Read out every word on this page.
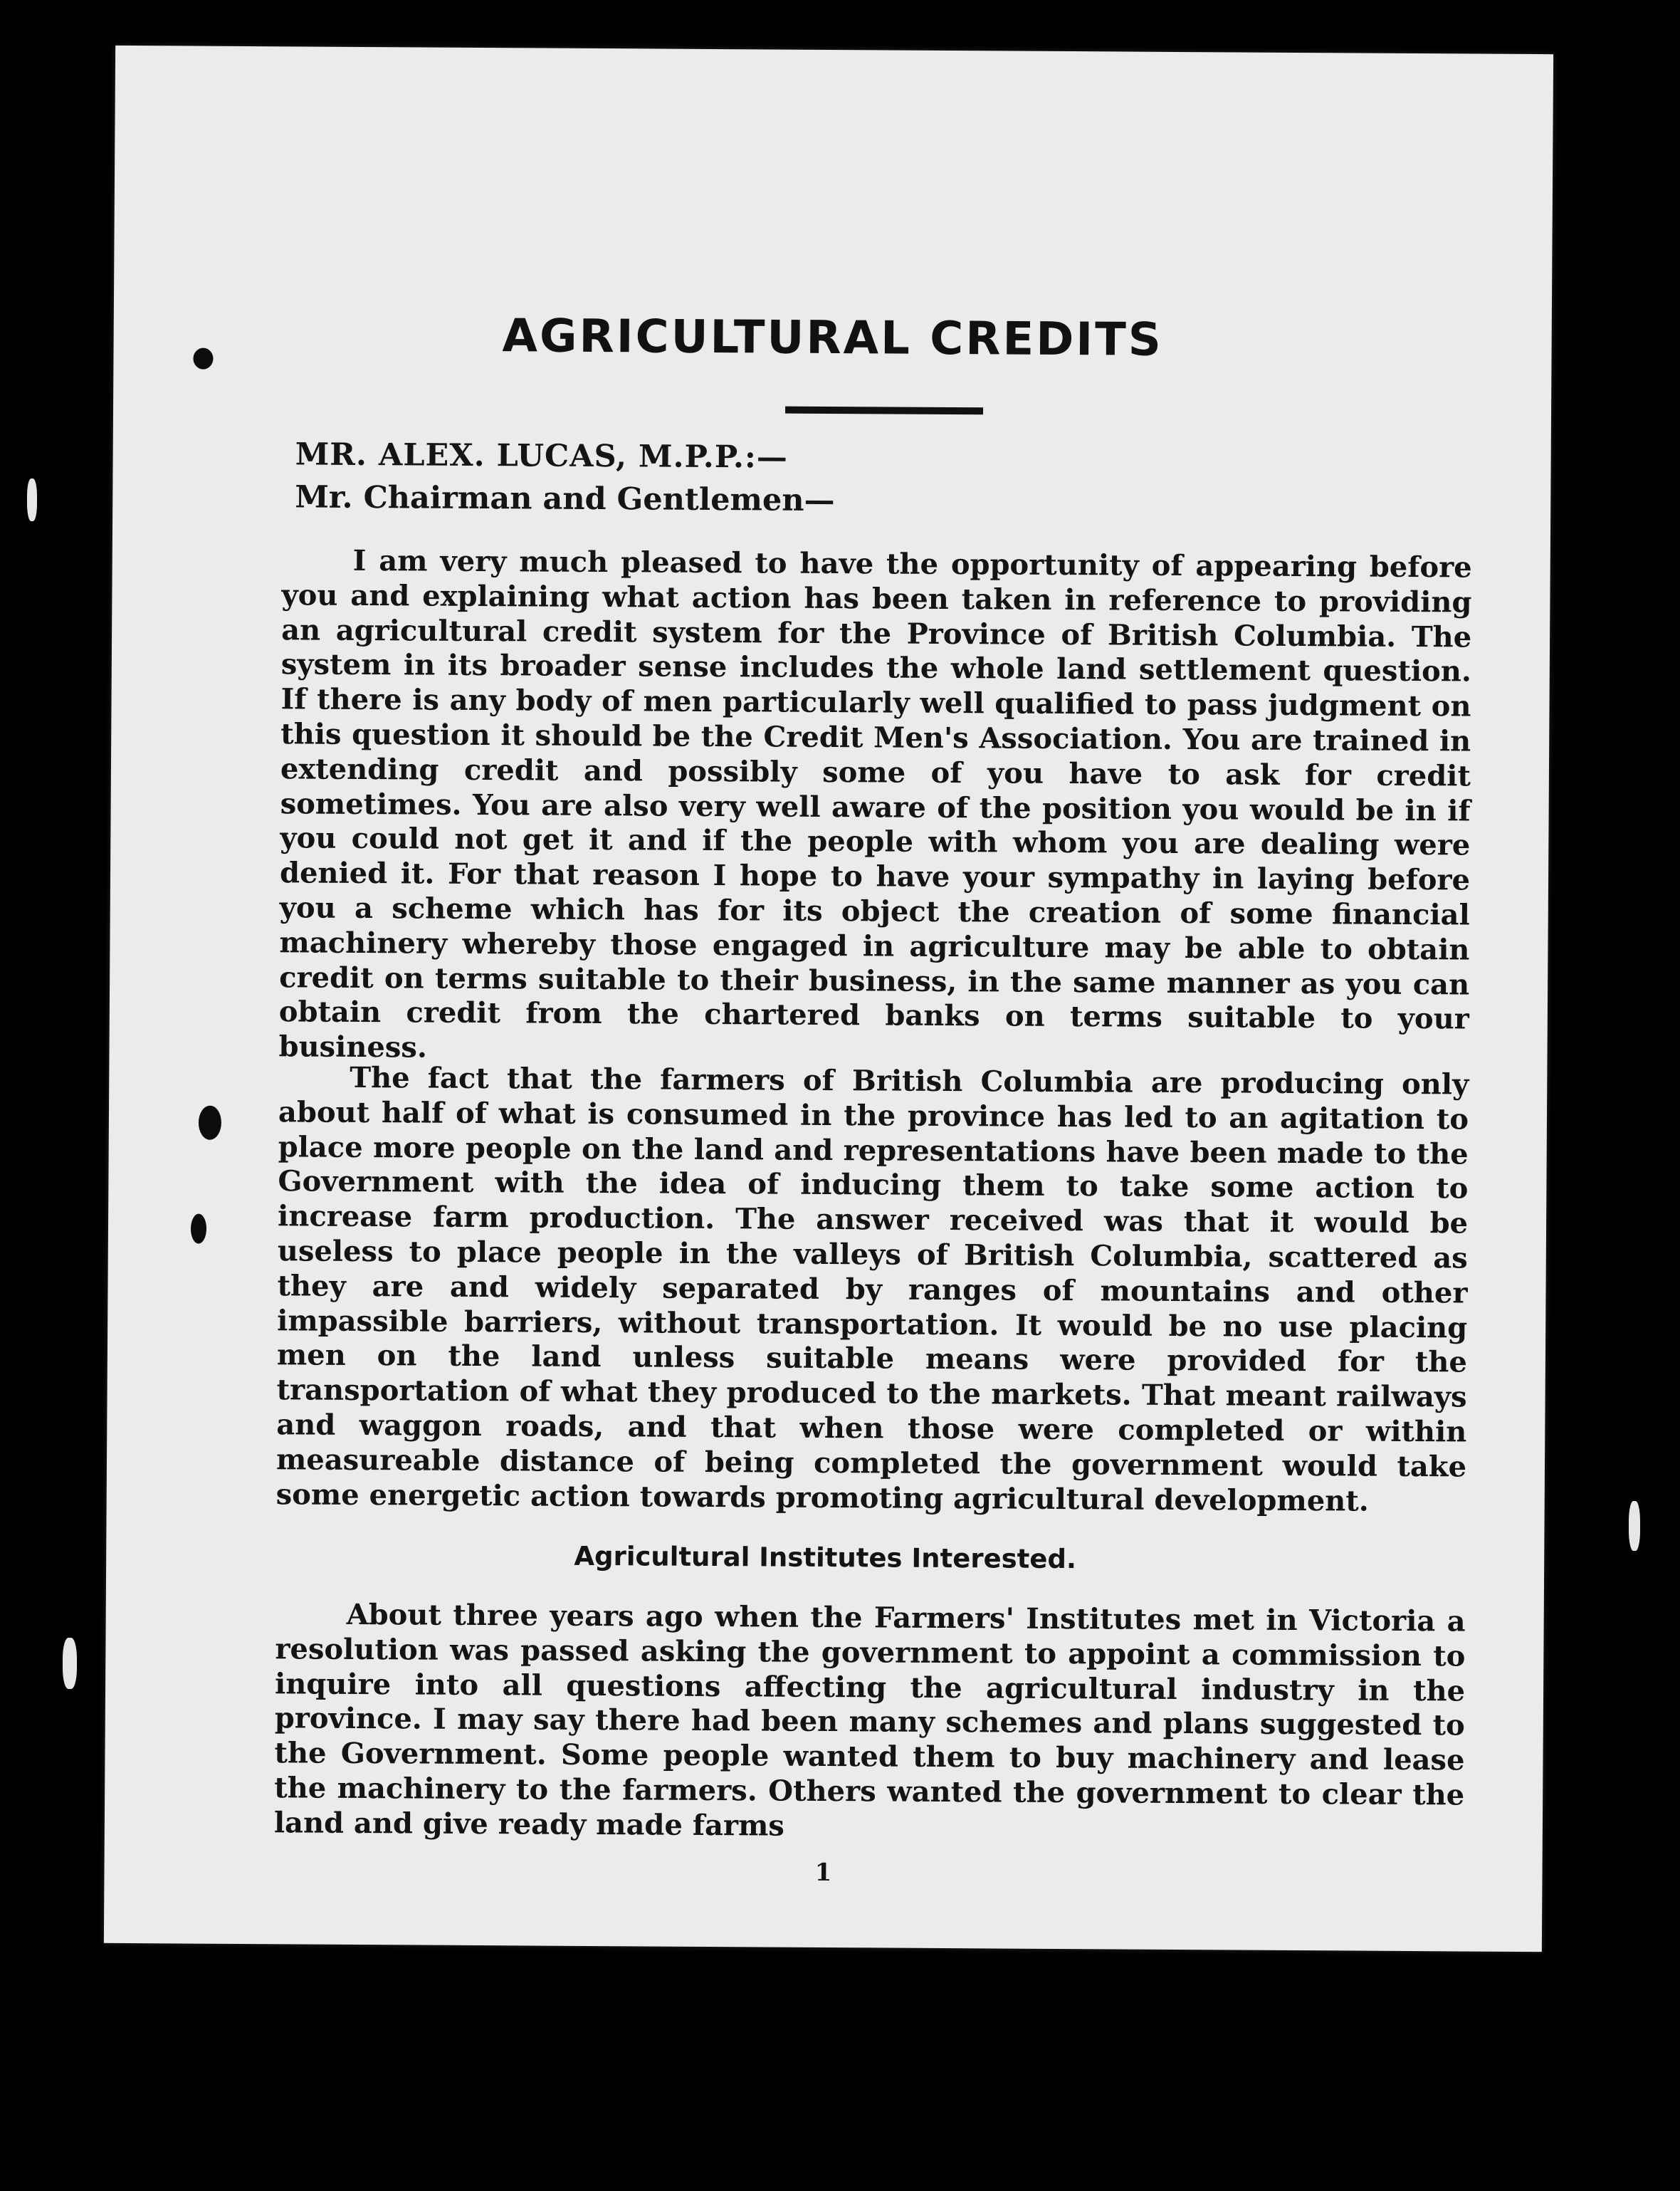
AGRICULTURAL CREDITS

MR. ALEX. LUCAS, M.P.P.:—

Mr. Chairman and Gentlemen—

I am very much pleased to have the opportunity of appearing before you and explaining what action has been taken in reference to providing an agricultural credit system for the Province of British Columbia. The system in its broader sense includes the whole land settlement question. If there is any body of men particularly well qualified to pass judgment on this question it should be the Credit Men's Association. You are trained in extending credit and possibly some of you have to ask for credit sometimes. You are also very well aware of the position you would be in if you could not get it and if the people with whom you are dealing were denied it. For that reason I hope to have your sympathy in laying before you a scheme which has for its object the creation of some financial machinery whereby those engaged in agriculture may be able to obtain credit on terms suitable to their business, in the same manner as you can obtain credit from the chartered banks on terms suitable to your business.

The fact that the farmers of British Columbia are producing only about half of what is consumed in the province has led to an agitation to place more people on the land and representations have been made to the Government with the idea of inducing them to take some action to increase farm production. The answer received was that it would be useless to place people in the valleys of British Columbia, scattered as they are and widely separated by ranges of mountains and other impassible barriers, without transportation. It would be no use placing men on the land unless suitable means were provided for the transportation of what they produced to the markets. That meant railways and waggon roads, and that when those were completed or within measureable distance of being completed the government would take some energetic action towards promoting agricultural development.

Agricultural Institutes Interested.

About three years ago when the Farmers' Institutes met in Victoria a resolution was passed asking the government to appoint a commission to inquire into all questions affecting the agricultural industry in the province. I may say there had been many schemes and plans suggested to the Government. Some people wanted them to buy machinery and lease the machinery to the farmers. Others wanted the government to clear the land and give ready made farms

1
